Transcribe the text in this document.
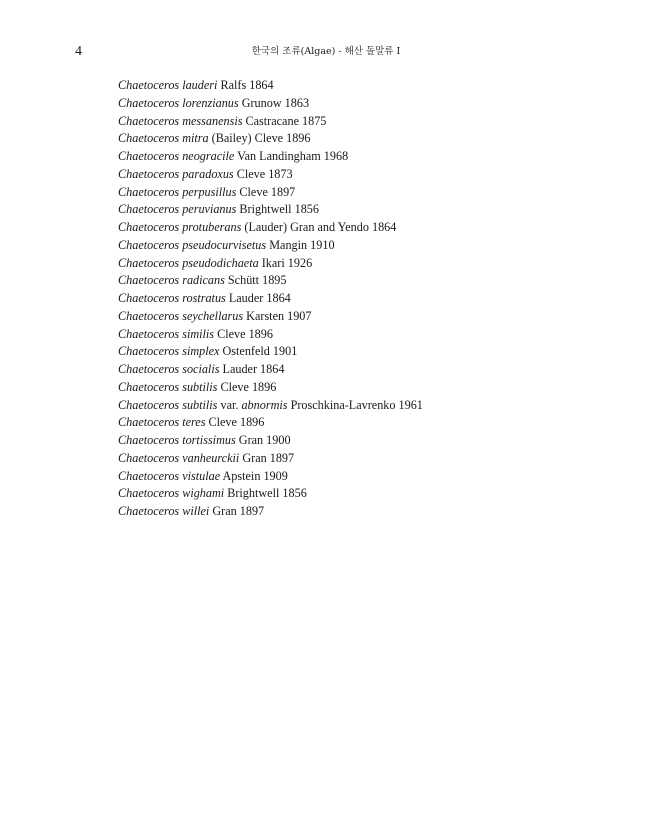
4	한국의 조류(Algae) - 해산 돌말류 I
Chaetoceros lauderi Ralfs 1864
Chaetoceros lorenzianus Grunow 1863
Chaetoceros messanensis Castracane 1875
Chaetoceros mitra (Bailey) Cleve 1896
Chaetoceros neogracile Van Landingham 1968
Chaetoceros paradoxus Cleve 1873
Chaetoceros perpusillus Cleve 1897
Chaetoceros peruvianus Brightwell 1856
Chaetoceros protuberans (Lauder) Gran and Yendo 1864
Chaetoceros pseudocurvisetus Mangin 1910
Chaetoceros pseudodichaeta Ikari 1926
Chaetoceros radicans Schütt 1895
Chaetoceros rostratus Lauder 1864
Chaetoceros seychellarus Karsten 1907
Chaetoceros similis Cleve 1896
Chaetoceros simplex Ostenfeld 1901
Chaetoceros socialis Lauder 1864
Chaetoceros subtilis Cleve 1896
Chaetoceros subtilis var. abnormis Proschkina-Lavrenko 1961
Chaetoceros teres Cleve 1896
Chaetoceros tortissimus Gran 1900
Chaetoceros vanheurckii Gran 1897
Chaetoceros vistulae Apstein 1909
Chaetoceros wighami Brightwell 1856
Chaetoceros willei Gran 1897
